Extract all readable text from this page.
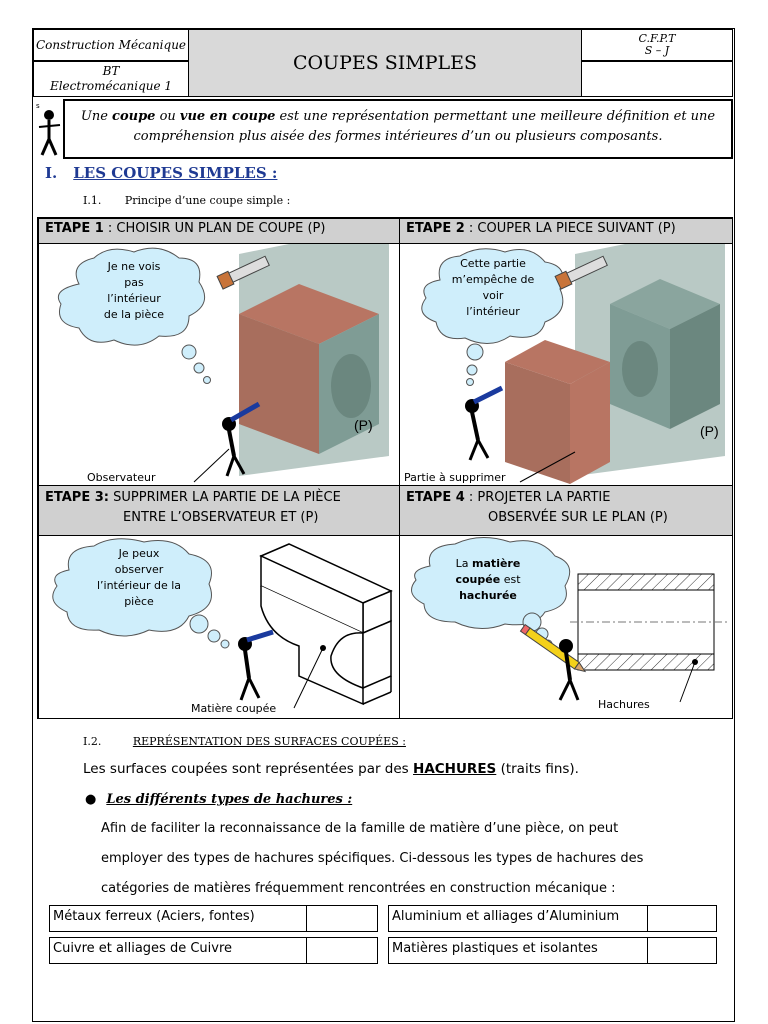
Construction Mécanique
BT
Electromécanique 1
COUPES SIMPLES
C.F.P.T
S – J
s
Une coupe ou vue en coupe est une représentation permettant une meilleure définition et une compréhension plus aisée des formes intérieures d’un ou plusieurs composants.
I. LES COUPES SIMPLES :
I.1. Principe d’une coupe simple :
ETAPE 1 : CHOISIR UN PLAN DE COUPE (P)
(P)
Je ne vois
pas
l’intérieur
de la pièce
Observateur
ETAPE 2 : COUPER LA PIECE SUIVANT (P)
(P)
Cette partie
m’empêche de
voir
l’intérieur
Partie à supprimer
ETAPE 3: SUPPRIMER LA PARTIE DE LA PIÈCE
ENTRE L’OBSERVATEUR ET (P)
Je peux
observer
l’intérieur de la
pièce
Matière coupée
ETAPE 4 : PROJETER LA PARTIE
OBSERVÉE SUR LE PLAN (P)
La matière
coupée est
hachurée
Hachures
I.2.	REPRÉSENTATION DES SURFACES COUPÉES :
Les surfaces coupées sont représentées par des HACHURES (traits fins).
● Les différents types de hachures :
Afin de faciliter la reconnaissance de la famille de matière d’une pièce, on peut
employer des types de hachures spécifiques. Ci-dessous les types de hachures des
catégories de matières fréquemment rencontrées en construction mécanique :
Métaux ferreux (Aciers, fontes)	Aluminium et alliages d’Aluminium
Cuivre et alliages de Cuivre	Matières plastiques et isolantes
